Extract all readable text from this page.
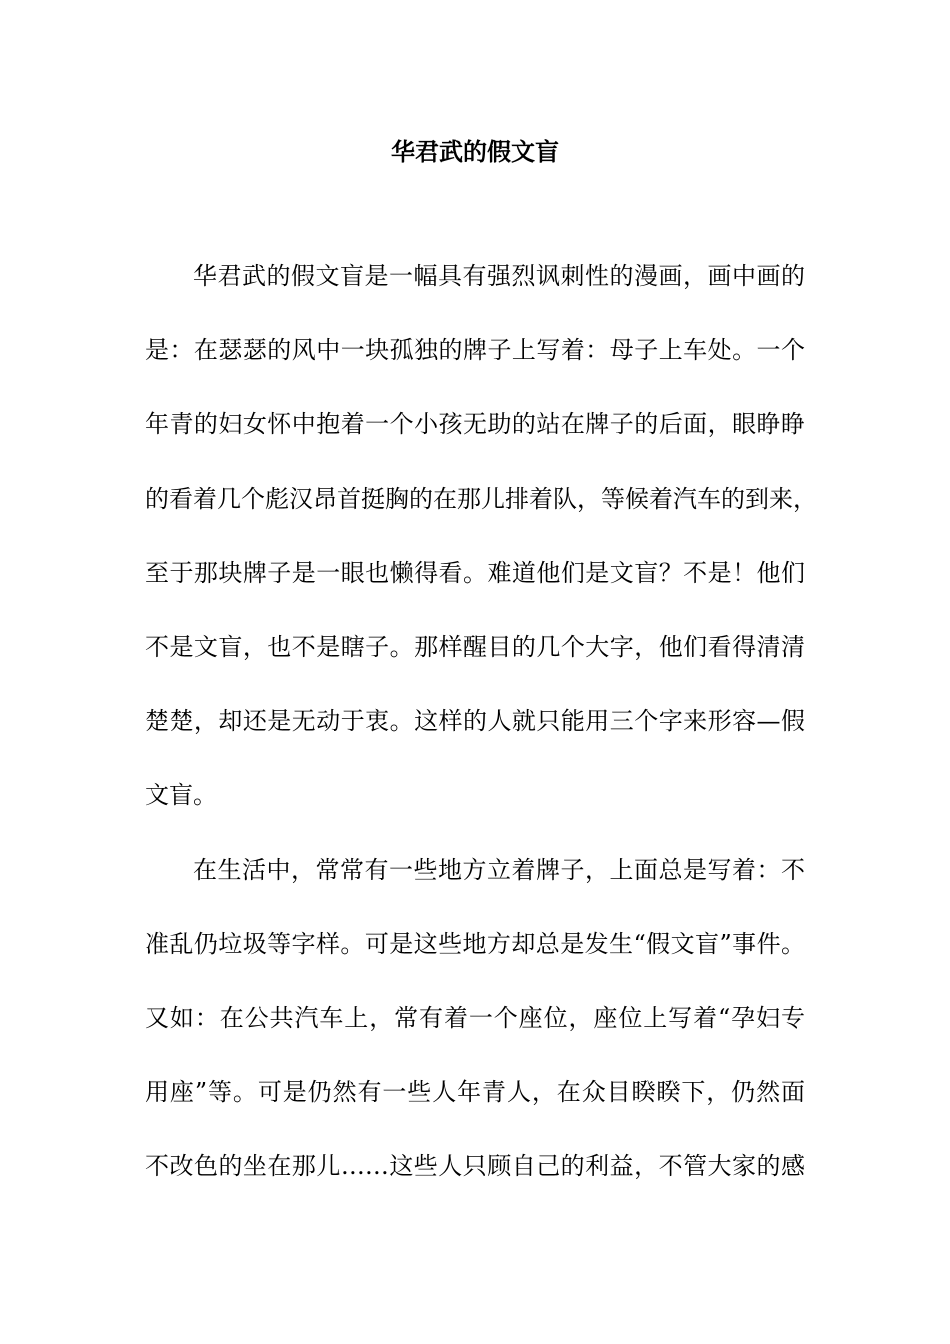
华君武的假文盲
华君武的假文盲是一幅具有强烈讽刺性的漫画，画中画的
是：在瑟瑟的风中一块孤独的牌子上写着：母子上车处。一个
年青的妇女怀中抱着一个小孩无助的站在牌子的后面，眼睁睁
的看着几个彪汉昂首挺胸的在那儿排着队，等候着汽车的到来，
至于那块牌子是一眼也懒得看。难道他们是文盲？不是！他们
不是文盲，也不是瞎子。那样醒目的几个大字，他们看得清清
楚楚，却还是无动于衷。这样的人就只能用三个字来形容—假
文盲。
在生活中，常常有一些地方立着牌子，上面总是写着：不
准乱仍垃圾等字样。可是这些地方却总是发生“假文盲”事件。
又如：在公共汽车上，常有着一个座位，座位上写着“孕妇专
用座”等。可是仍然有一些人年青人，在众目睽睽下，仍然面
不改色的坐在那儿……这些人只顾自己的利益，不管大家的感
